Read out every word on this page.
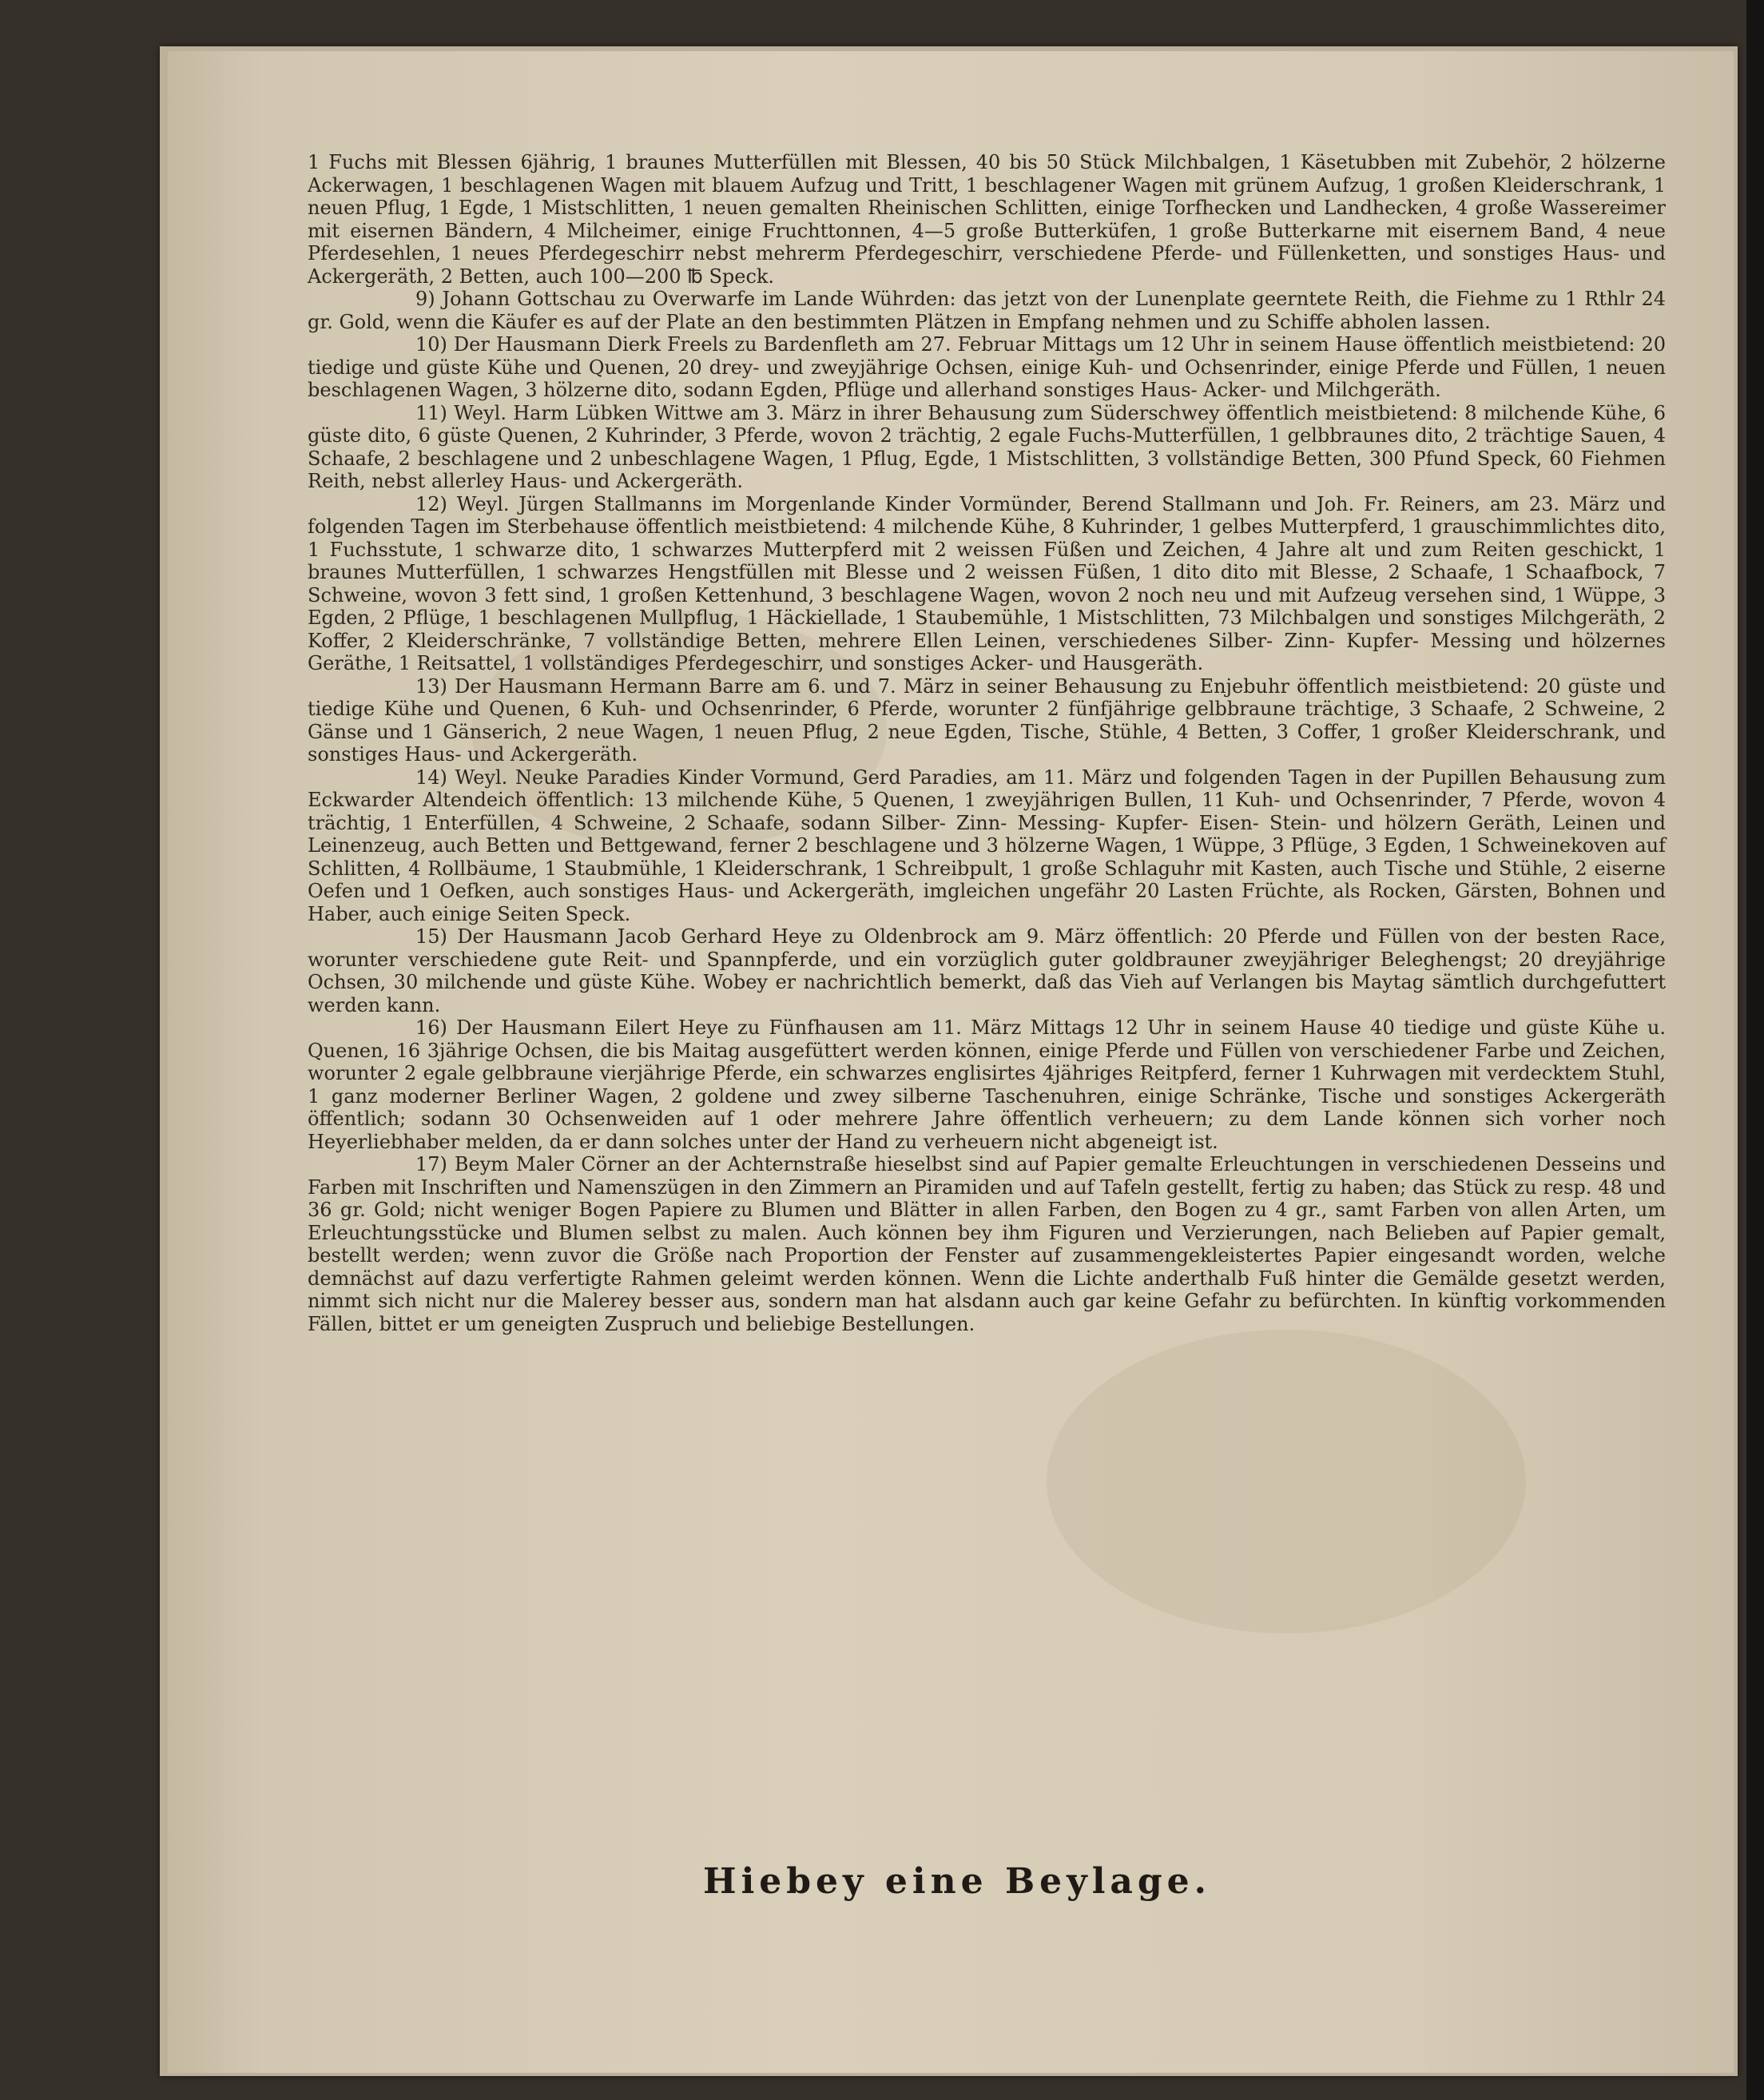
1 Fuchs mit Blessen 6jährig, 1 braunes Mutterfüllen mit Blessen, 40 bis 50 Stück Milchbalgen, 1 Käsetubben mit Zubehör, 2 hölzerne Ackerwagen, 1 beschlagenen Wagen mit blauem Aufzug und Tritt, 1 beschlagener Wagen mit grünem Aufzug, 1 großen Kleiderschrank, 1 neuen Pflug, 1 Egde, 1 Mistschlitten, 1 neuen gemalten Rheinischen Schlitten, einige Torfhecken und Landhecken, 4 große Wassereimer mit eisernen Bändern, 4 Milcheimer, einige Fruchttonnen, 4—5 große Butterküfen, 1 große Butterkarne mit eisernem Band, 4 neue Pferdesehlen, 1 neues Pferdegeschirr nebst mehrerm Pferdegeschirr, verschiedene Pferde- und Füllenketten, und sonstiges Haus- und Ackergeräth, 2 Betten, auch 100—200 ℔ Speck.

9) Johann Gottschau zu Overwarfe im Lande Wührden: das jetzt von der Lunenplate geerntete Reith, die Fiehme zu 1 Rthlr 24 gr. Gold, wenn die Käufer es auf der Plate an den bestimmten Plätzen in Empfang nehmen und zu Schiffe abholen lassen.

10) Der Hausmann Dierk Freels zu Bardenfleth am 27. Februar Mittags um 12 Uhr in seinem Hause öffentlich meistbietend: 20 tiedige und güste Kühe und Quenen, 20 drey- und zweyjährige Ochsen, einige Kuh- und Ochsenrinder, einige Pferde und Füllen, 1 neuen beschlagenen Wagen, 3 hölzerne dito, sodann Egden, Pflüge und allerhand sonstiges Haus- Acker- und Milchgeräth.

11) Weyl. Harm Lübken Wittwe am 3. März in ihrer Behausung zum Süderschwey öffentlich meistbietend: 8 milchende Kühe, 6 güste dito, 6 güste Quenen, 2 Kuhrinder, 3 Pferde, wovon 2 trächtig, 2 egale Fuchs-Mutterfüllen, 1 gelbbraunes dito, 2 trächtige Sauen, 4 Schaafe, 2 beschlagene und 2 unbeschlagene Wagen, 1 Pflug, Egde, 1 Mistschlitten, 3 vollständige Betten, 300 Pfund Speck, 60 Fiehmen Reith, nebst allerley Haus- und Ackergeräth.

12) Weyl. Jürgen Stallmanns im Morgenlande Kinder Vormünder, Berend Stallmann und Joh. Fr. Reiners, am 23. März und folgenden Tagen im Sterbehause öffentlich meistbietend: 4 milchende Kühe, 8 Kuhrinder, 1 gelbes Mutterpferd, 1 grauschimmlichtes dito, 1 Fuchsstute, 1 schwarze dito, 1 schwarzes Mutterpferd mit 2 weissen Füßen und Zeichen, 4 Jahre alt und zum Reiten geschickt, 1 braunes Mutterfüllen, 1 schwarzes Hengstfüllen mit Blesse und 2 weissen Füßen, 1 dito dito mit Blesse, 2 Schaafe, 1 Schaafbock, 7 Schweine, wovon 3 fett sind, 1 großen Kettenhund, 3 beschlagene Wagen, wovon 2 noch neu und mit Aufzeug versehen sind, 1 Wüppe, 3 Egden, 2 Pflüge, 1 beschlagenen Mullpflug, 1 Häckiellade, 1 Staubemühle, 1 Mistschlitten, 73 Milchbalgen und sonstiges Milchgeräth, 2 Koffer, 2 Kleiderschränke, 7 vollständige Betten, mehrere Ellen Leinen, verschiedenes Silber- Zinn- Kupfer- Messing und hölzernes Geräthe, 1 Reitsattel, 1 vollständiges Pferdegeschirr, und sonstiges Acker- und Hausgeräth.

13) Der Hausmann Hermann Barre am 6. und 7. März in seiner Behausung zu Enjebuhr öffentlich meistbietend: 20 güste und tiedige Kühe und Quenen, 6 Kuh- und Ochsenrinder, 6 Pferde, worunter 2 fünfjährige gelbbraune trächtige, 3 Schaafe, 2 Schweine, 2 Gänse und 1 Gänserich, 2 neue Wagen, 1 neuen Pflug, 2 neue Egden, Tische, Stühle, 4 Betten, 3 Coffer, 1 großer Kleiderschrank, und sonstiges Haus- und Ackergeräth.

14) Weyl. Neuke Paradies Kinder Vormund, Gerd Paradies, am 11. März und folgenden Tagen in der Pupillen Behausung zum Eckwarder Altendeich öffentlich: 13 milchende Kühe, 5 Quenen, 1 zweyjährigen Bullen, 11 Kuh- und Ochsenrinder, 7 Pferde, wovon 4 trächtig, 1 Enterfüllen, 4 Schweine, 2 Schaafe, sodann Silber- Zinn- Messing- Kupfer- Eisen- Stein- und hölzern Geräth, Leinen und Leinenzeug, auch Betten und Bettgewand, ferner 2 beschlagene und 3 hölzerne Wagen, 1 Wüppe, 3 Pflüge, 3 Egden, 1 Schweinekoven auf Schlitten, 4 Rollbäume, 1 Staubmühle, 1 Kleiderschrank, 1 Schreibpult, 1 große Schlaguhr mit Kasten, auch Tische und Stühle, 2 eiserne Oefen und 1 Oefken, auch sonstiges Haus- und Ackergeräth, imgleichen ungefähr 20 Lasten Früchte, als Rocken, Gärsten, Bohnen und Haber, auch einige Seiten Speck.

15) Der Hausmann Jacob Gerhard Heye zu Oldenbrock am 9. März öffentlich: 20 Pferde und Füllen von der besten Race, worunter verschiedene gute Reit- und Spannpferde, und ein vorzüglich guter goldbrauner zweyjähriger Beleghengst; 20 dreyjährige Ochsen, 30 milchende und güste Kühe. Wobey er nachrichtlich bemerkt, daß das Vieh auf Verlangen bis Maytag sämtlich durchgefuttert werden kann.

16) Der Hausmann Eilert Heye zu Fünfhausen am 11. März Mittags 12 Uhr in seinem Hause 40 tiedige und güste Kühe u. Quenen, 16 3jährige Ochsen, die bis Maitag ausgefüttert werden können, einige Pferde und Füllen von verschiedener Farbe und Zeichen, worunter 2 egale gelbbraune vierjährige Pferde, ein schwarzes englisirtes 4jähriges Reitpferd, ferner 1 Kuhrwagen mit verdecktem Stuhl, 1 ganz moderner Berliner Wagen, 2 goldene und zwey silberne Taschenuhren, einige Schränke, Tische und sonstiges Ackergeräth öffentlich; sodann 30 Ochsenweiden auf 1 oder mehrere Jahre öffentlich verheuern; zu dem Lande können sich vorher noch Heyerliebhaber melden, da er dann solches unter der Hand zu verheuern nicht abgeneigt ist.

17) Beym Maler Cörner an der Achternstraße hieselbst sind auf Papier gemalte Erleuchtungen in verschiedenen Desseins und Farben mit Inschriften und Namenszügen in den Zimmern an Piramiden und auf Tafeln gestellt, fertig zu haben; das Stück zu resp. 48 und 36 gr. Gold; nicht weniger Bogen Papiere zu Blumen und Blätter in allen Farben, den Bogen zu 4 gr., samt Farben von allen Arten, um Erleuchtungsstücke und Blumen selbst zu malen. Auch können bey ihm Figuren und Verzierungen, nach Belieben auf Papier gemalt, bestellt werden; wenn zuvor die Größe nach Proportion der Fenster auf zusammengekleistertes Papier eingesandt worden, welche demnächst auf dazu verfertigte Rahmen geleimt werden können. Wenn die Lichte anderthalb Fuß hinter die Gemälde gesetzt werden, nimmt sich nicht nur die Malerey besser aus, sondern man hat alsdann auch gar keine Gefahr zu befürchten. In künftig vorkommenden Fällen, bittet er um geneigten Zuspruch und beliebige Bestellungen.

Hiebey eine Beylage.
